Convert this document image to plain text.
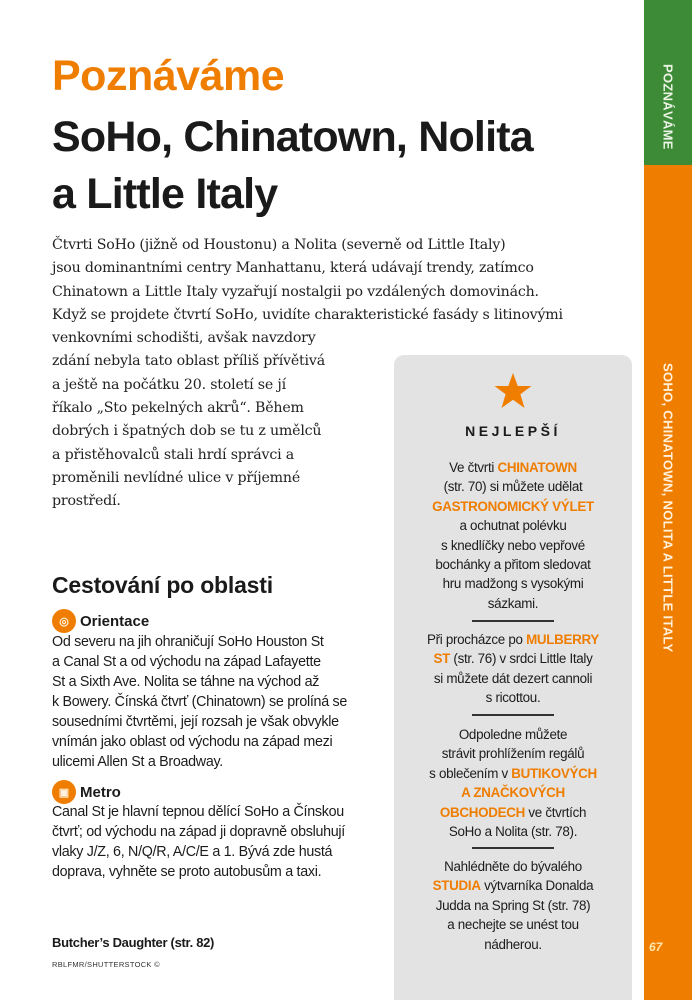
POZNÁVÁME
SOHO, CHINATOWN, NOLITA A LITTLE ITALY
67
Poznáváme
SoHo, Chinatown, Nolita
a Little Italy
Čtvrti SoHo (jižně od Houstonu) a Nolita (severně od Little Italy)
jsou dominantními centry Manhattanu, která udávají trendy, zatímco
Chinatown a Little Italy vyzařují nostalgii po vzdálených domovinách.
Když se projdete čtvrtí SoHo, uvidíte charakteristické fasády s litinovými
venkovními schodišti, avšak navzdory
zdání nebyla tato oblast příliš přívětivá
a ještě na počátku 20. století se jí
říkalo „Sto pekelných akrů“. Během
dobrých i špatných dob se tu z umělců
a přistěhovalců stali hrdí správci a
proměnili nevlídné ulice v příjemné
prostředí.
Cestování po oblasti
◎ Orientace
Od severu na jih ohraničují SoHo Houston St
a Canal St a od východu na západ Lafayette
St a Sixth Ave. Nolita se táhne na východ až
k Bowery. Čínská čtvrť (Chinatown) se prolíná se
sousedními čtvrtěmi, její rozsah je však obvykle
vnímán jako oblast od východu na západ mezi
ulicemi Allen St a Broadway.
▣ Metro
Canal St je hlavní tepnou dělící SoHo a Čínskou
čtvrť; od východu na západ ji dopravně obsluhují
vlaky J/Z, 6, N/Q/R, A/C/E a 1. Bývá zde hustá
doprava, vyhněte se proto autobusům a taxi.
Butcher’s Daughter (str. 82)
RBLFMR/SHUTTERSTOCK ©
NEJLEPŠÍ
Ve čtvrti CHINATOWN
(str. 70) si můžete udělat
GASTRONOMICKÝ VÝLET
a ochutnat polévku
s knedlíčky nebo vepřové
bochánky a přitom sledovat
hru madžong s vysokými
sázkami.
Při procházce po MULBERRY
ST (str. 76) v srdci Little Italy
si můžete dát dezert cannoli
s ricottou.
Odpoledne můžete
strávit prohlížením regálů
s oblečením v BUTIKOVÝCH
A ZNAČKOVÝCH
OBCHODECH ve čtvrtích
SoHo a Nolita (str. 78).
Nahlédněte do bývalého
STUDIA výtvarníka Donalda
Judda na Spring St (str. 78)
a nechejte se unést tou
nádherou.
